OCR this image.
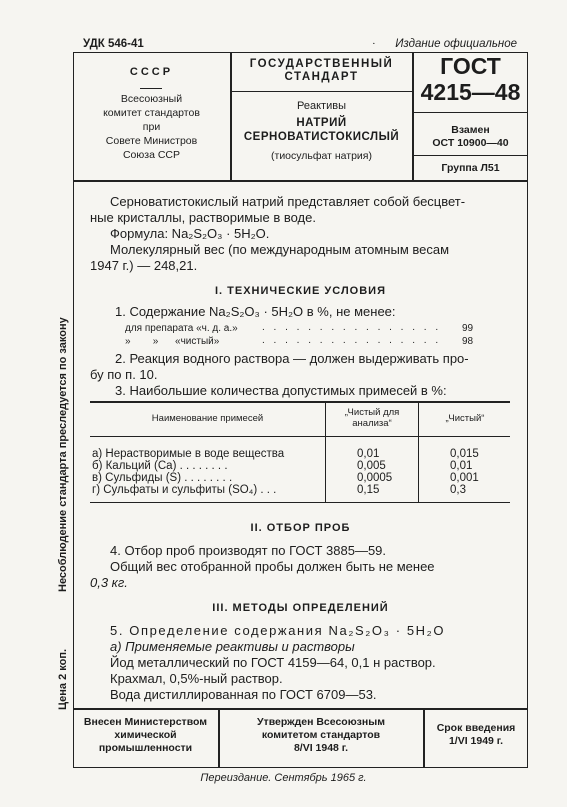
УДК 546-41	· Издание официальное
Несоблюдение стандарта преследуется по закону
Цена 2 коп.
СССР
Всесоюзный
комитет стандартов
при
Совете Министров
Союза ССР
ГОСУДАРСТВЕННЫЙ
СТАНДАРТ
Реактивы
НАТРИЙ
СЕРНОВАТИСТОКИСЛЫЙ
(тиосульфат натрия)
ГОСТ
4215—48
Взамен
ОСТ 10900—40
Группа Л51
Серноватистокислый натрий представляет собой бесцвет-
ные кристаллы, растворимые в воде.
Формула: Na₂S₂O₃ · 5H₂O.
Молекулярный вес (по международным атомным весам
1947 г.) — 248,21.
I. ТЕХНИЧЕСКИЕ УСЛОВИЯ
1. Содержание Na₂S₂O₃ · 5H₂O в %, не менее:
для препарата «ч. д. а.» . . . . . . . . . . . . . . . . 99
»        »      «чистый»	. . . . . . . . . . . . . . . . 98
2. Реакция водного раствора — должен выдерживать про-
бу по п. 10.
3. Наибольшие количества допустимых примесей в %:
Наименование примесей
„Чистый для анализа“	„Чистый“
а) Нерастворимые в воде вещества	0,01	0,015
б) Кальций (Ca) . . . . . . . .	0,005	0,01
в) Сульфиды (S) . . . . . . . .	0,0005	0,001
г) Сульфаты и сульфиты (SO₄) . . .	0,15	0,3
II. ОТБОР ПРОБ
4. Отбор проб производят по ГОСТ 3885—59.
Общий вес отобранной пробы должен быть не менее
0,3 кг.
III. МЕТОДЫ ОПРЕДЕЛЕНИЙ
5. Определение содержания Na₂S₂O₃ · 5H₂O
а) Применяемые реактивы и растворы
Йод металлический по ГОСТ 4159—64, 0,1 н раствор.
Крахмал, 0,5%-ный раствор.
Вода дистиллированная по ГОСТ 6709—53.
Внесен Министерством
химической
промышленности
Утвержден Всесоюзным
комитетом стандартов
8/VI 1948 г.
Срок введения
1/VI 1949 г.
Переиздание. Сентябрь 1965 г.
